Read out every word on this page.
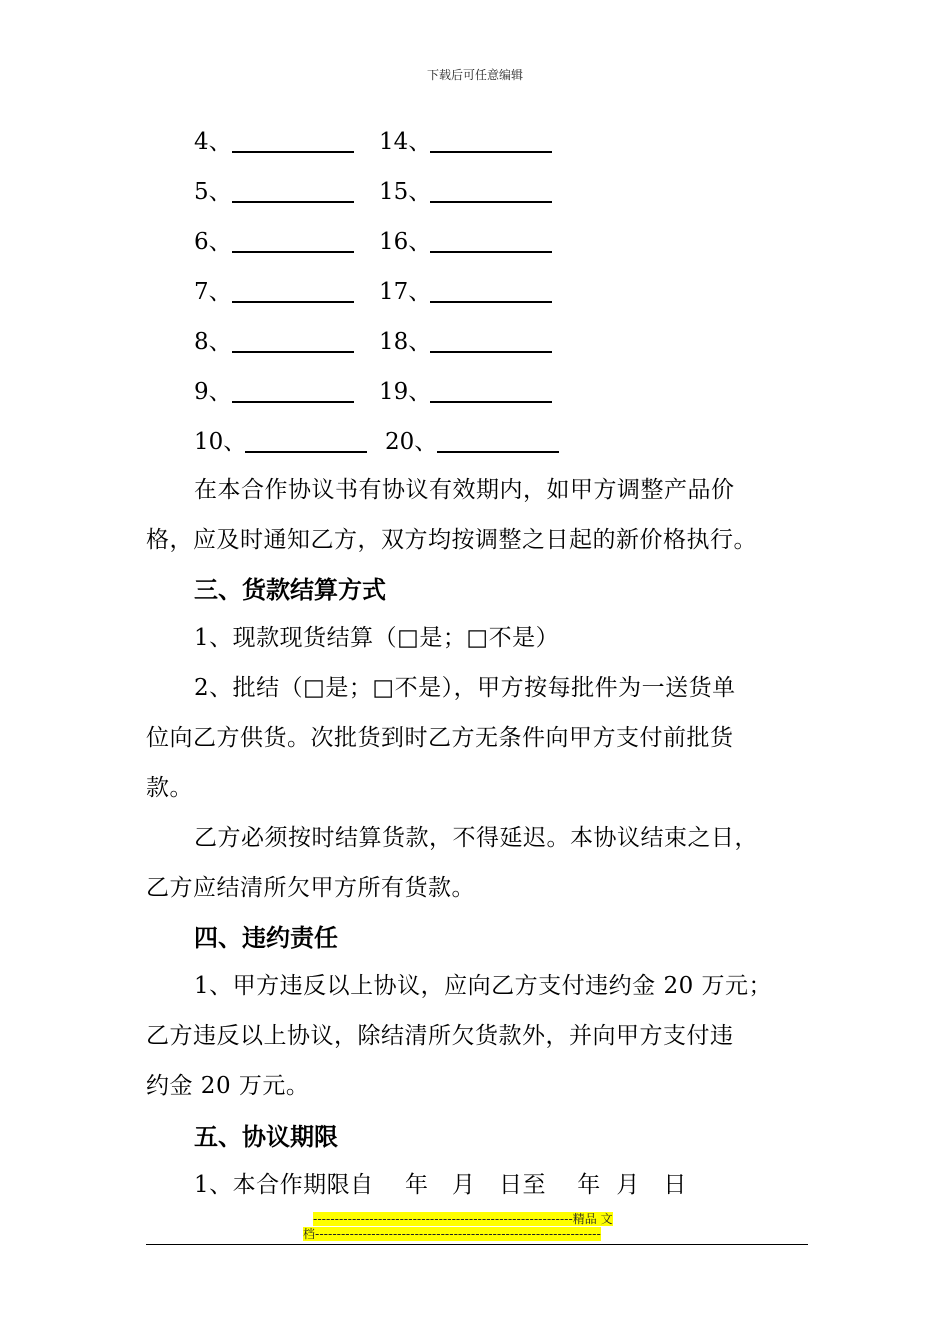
下载后可任意编辑
4、	14、
5、	15、
6、	16、
7、	17、
8、	18、
9、	19、
10、	20、
在本合作协议书有协议有效期内，如甲方调整产品价
格，应及时通知乙方，双方均按调整之日起的新价格执行。
三、货款结算方式
1、现款现货结算（□是；□不是）
2、批结（□是；□不是），甲方按每批件为一送货单
位向乙方供货。次批货到时乙方无条件向甲方支付前批货
款。
乙方必须按时结算货款，不得延迟。本协议结束之日，
乙方应结清所欠甲方所有货款。
四、违约责任
1、甲方违反以上协议，应向乙方支付违约金 20 万元；
乙方违反以上协议，除结清所欠货款外，并向甲方支付违
约金 20 万元。
五、协议期限
1、本合作期限自　 年　月　日至　 年  月　日
------------------------------------------------------------精品 文
档------------------------------------------------------------------
